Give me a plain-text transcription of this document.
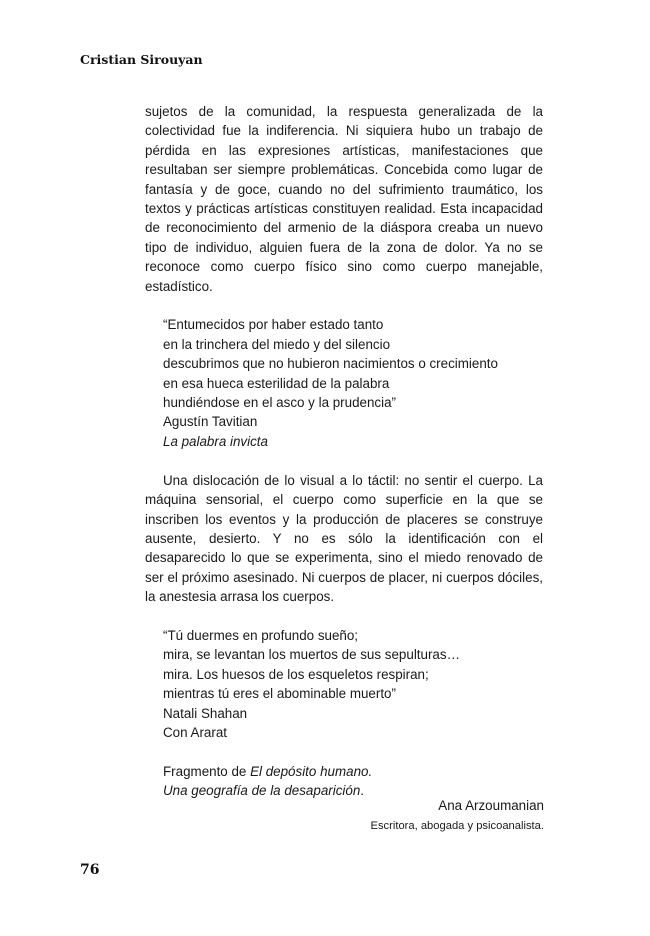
Cristian Sirouyan

sujetos de la comunidad, la respuesta generalizada de la colectividad fue la indiferencia. Ni siquiera hubo un trabajo de pérdida en las expresiones artísticas, manifestaciones que resultaban ser siempre problemáticas. Concebida como lugar de fantasía y de goce, cuando no del sufrimiento traumático, los textos y prácticas artísticas constituyen realidad. Esta incapacidad de reconocimiento del armenio de la diáspora creaba un nuevo tipo de individuo, alguien fuera de la zona de dolor. Ya no se reconoce como cuerpo físico sino como cuerpo manejable, estadístico.

“Entumecidos por haber estado tanto
en la trinchera del miedo y del silencio
descubrimos que no hubieron nacimientos o crecimiento
en esa hueca esterilidad de la palabra
hundiéndose en el asco y la prudencia”
Agustín Tavitian
La palabra invicta

Una dislocación de lo visual a lo táctil: no sentir el cuerpo. La máquina sensorial, el cuerpo como superficie en la que se inscriben los eventos y la producción de placeres se construye ausente, desierto. Y no es sólo la identificación con el desaparecido lo que se experimenta, sino el miedo renovado de ser el próximo asesinado. Ni cuerpos de placer, ni cuerpos dóciles, la anestesia arrasa los cuerpos.

“Tú duermes en profundo sueño;
mira, se levantan los muertos de sus sepulturas…
mira. Los huesos de los esqueletos respiran;
mientras tú eres el abominable muerto”
Natali Shahan
Con Ararat
Fragmento de El depósito humano.
Una geografía de la desaparición.
Ana Arzoumanian
Escritora, abogada y psicoanalista.
76
